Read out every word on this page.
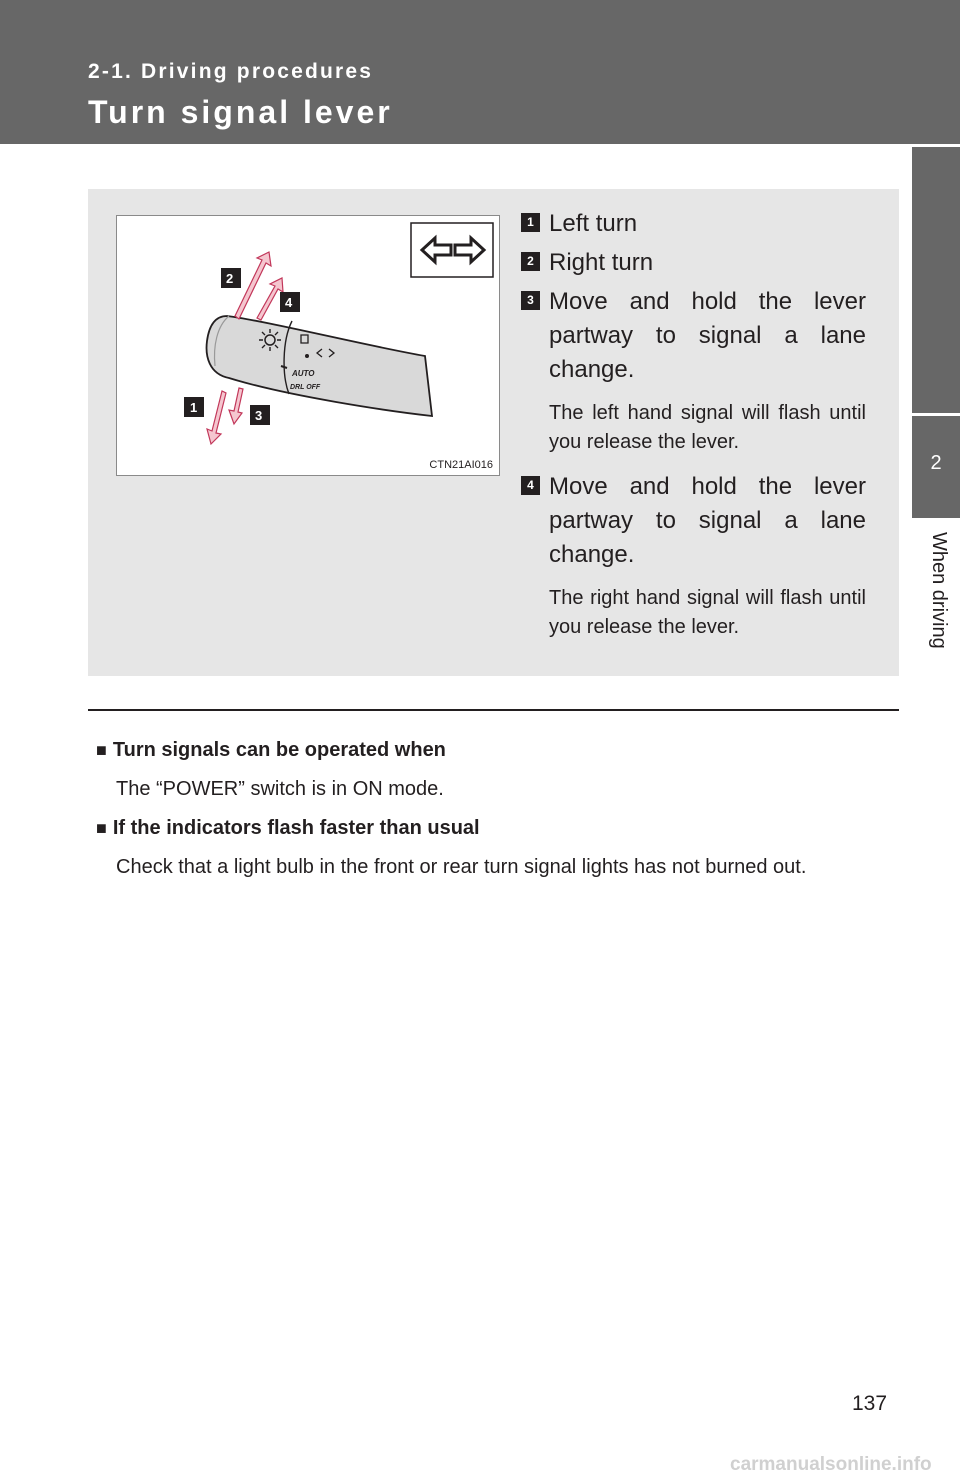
2-1. Driving procedures
Turn signal lever
2
When driving
AUTO
DRL OFF
2
4
1
3
CTN21AI016
1 Left turn
2 Right turn
3 Move and hold the lever partway to signal a lane change.
The left hand signal will flash until you release the lever.
4 Move and hold the lever partway to signal a lane change.
The right hand signal will flash until you release the lever.
■ Turn signals can be operated when
The “POWER” switch is in ON mode.
■ If the indicators flash faster than usual
Check that a light bulb in the front or rear turn signal lights has not burned out.
137
carmanualsonline.info
